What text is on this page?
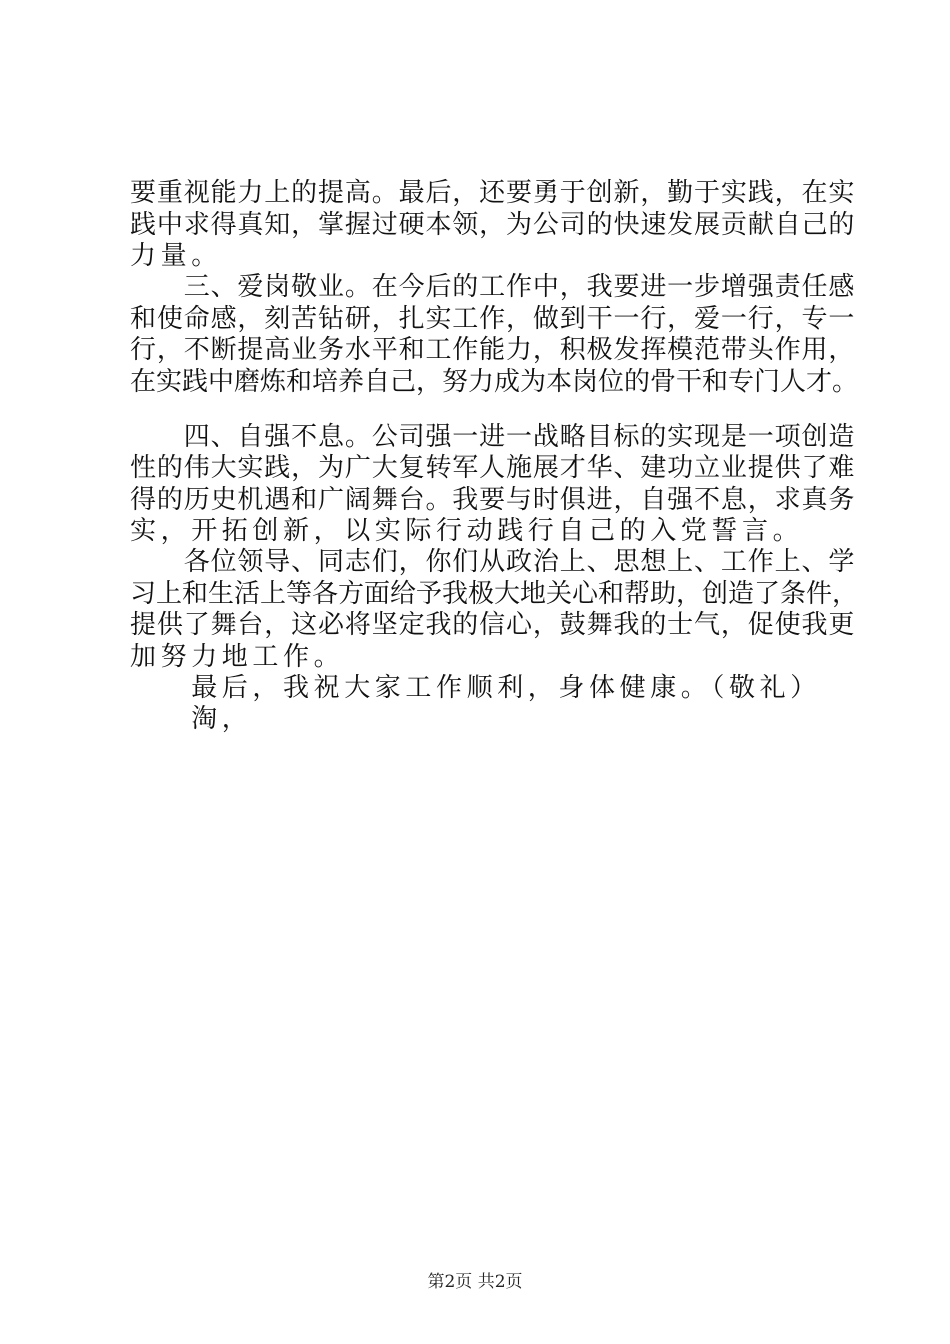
要重视能力上的提高。最后，还要勇于创新，勤于实践，在实
践中求得真知，掌握过硬本领，为公司的快速发展贡献自己的
力量。
　　三、爱岗敬业。在今后的工作中，我要进一步增强责任感
和使命感，刻苦钻研，扎实工作，做到干一行，爱一行，专一
行，不断提高业务水平和工作能力，积极发挥模范带头作用，
在实践中磨炼和培养自己，努力成为本岗位的骨干和专门人才。
　　四、自强不息。公司强一进一战略目标的实现是一项创造
性的伟大实践，为广大复转军人施展才华、建功立业提供了难
得的历史机遇和广阔舞台。我要与时俱进，自强不息，求真务
实，开拓创新，以实际行动践行自己的入党誓言。
　　各位领导、同志们，你们从政治上、思想上、工作上、学
习上和生活上等各方面给予我极大地关心和帮助，创造了条件，
提供了舞台，这必将坚定我的信心，鼓舞我的士气，促使我更
加努力地工作。
　　最后，我祝大家工作顺利，身体健康。（敬礼）
　　淘，
第2页 共2页
